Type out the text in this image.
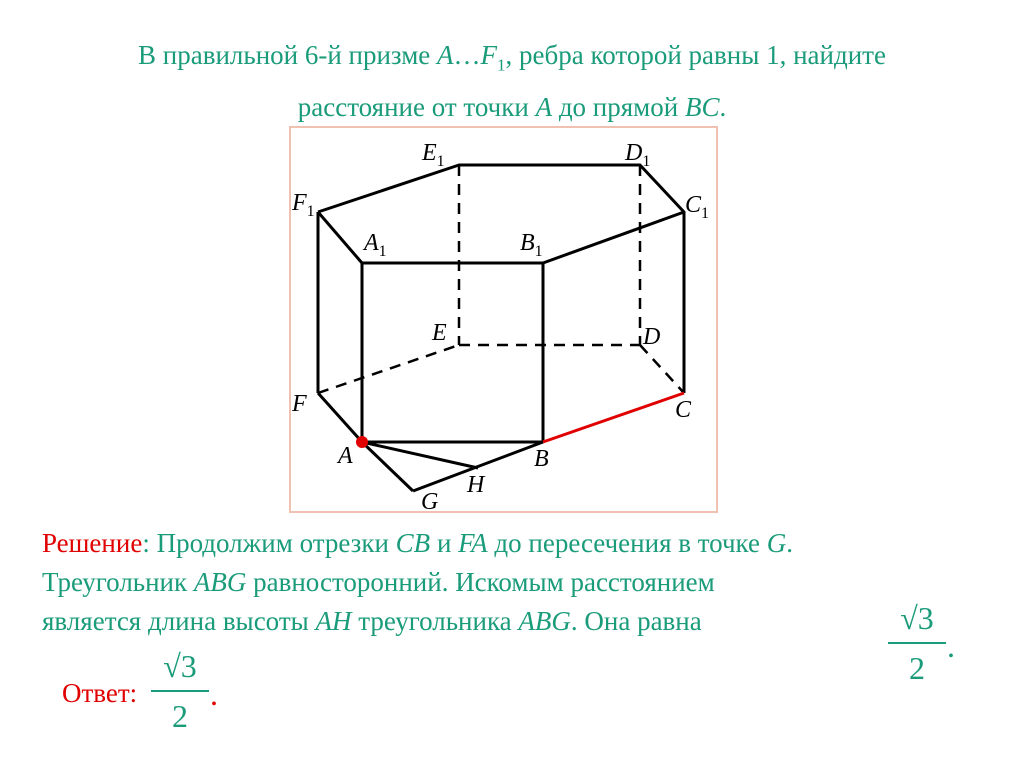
В правильной 6-й призме $A\dots F_1$, ребра которой равны 1, найдите
расстояние от точки A до прямой BC.
$E_1$	$D_1$
$F_1$	$C_1$
$A_1$	$B_1$
E	D
F	C
A	B
H
G
Решение: Продолжим отрезки CB и FA до пересечения в точке G.
Треугольник ABG равносторонний. Искомым расстоянием
является длина высоты AH треугольника ABG. Она равна	√3
2
.
Ответ:
√3
2
.
